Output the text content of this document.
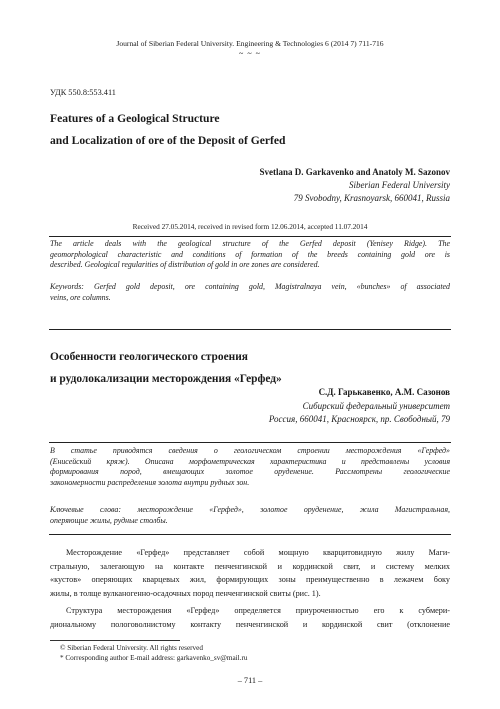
Journal of Siberian Federal University. Engineering & Technologies 6 (2014 7) 711-716
~ ~ ~
УДК 550.8:553.411
Features of a Geological Structure
and Localization of ore of the Deposit of Gerfed
Svetlana D. Garkavenko and Anatoly M. Sazonov
Siberian Federal University
79 Svobodny, Krasnoyarsk, 660041, Russia
Received 27.05.2014, received in revised form 12.06.2014, accepted 11.07.2014
The article deals with the geological structure of the Gerfed deposit (Yenisey Ridge). The
geomorphological characteristic and conditions of formation of the breeds containing gold ore is
described. Geological regularities of distribution of gold in ore zones are considered.
Keywords: Gerfed gold deposit, ore containing gold, Magistralnaya vein, «bunches» of associated
veins, ore columns.
Особенности геологического строения
и рудолокализации месторождения «Герфед»
С.Д. Гарькавенко, А.М. Сазонов
Сибирский федеральный университет
Россия, 660041, Красноярск, пр. Свободный, 79
В статье приводятся сведения о геологическом строении месторождения «Герфед»
(Енисейский кряж). Описана морфометрическая характеристика и представлены условия
формирования пород, вмещающих золотое оруденение. Рассмотрены геологические
закономерности распределения золота внутри рудных зон.
Ключевые слова: месторождение «Герфед», золотое оруденение, жила Магистральная,
оперяющие жилы, рудные столбы.
Месторождение «Герфед» представляет собой мощную кварцитовидную жилу Маги-
стральную, залегающую на контакте пенченгинской и кординской свит, и систему мелких
«кустов» оперяющих кварцевых жил, формирующих зоны преимущественно в лежачем боку
жилы, в толще вулканогенно-осадочных пород пенченгинской свиты (рис. 1).
Структура месторождения «Герфед» определяется приуроченностью его к субмери-
диональному пологоволнистому контакту пенченгинской и кординской свит (отклонение
© Siberian Federal University. All rights reserved
* Corresponding author E-mail address: garkavenko_sv@mail.ru
– 711 –
